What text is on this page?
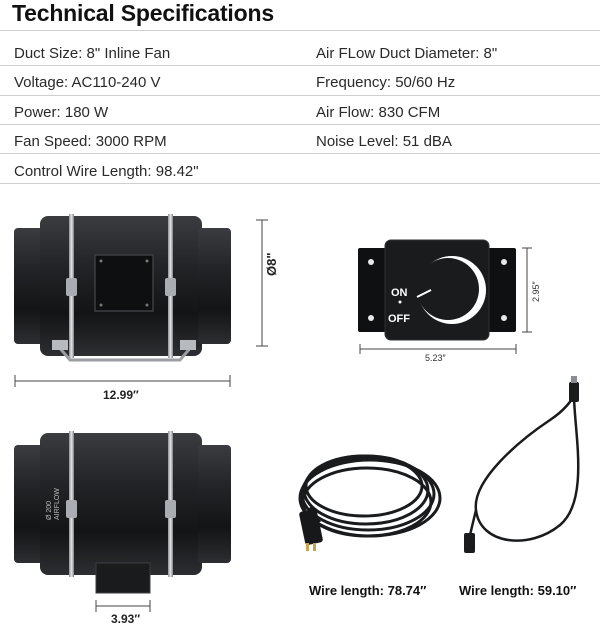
Technical Specifications
Duct Size: 8" Inline Fan	Air FLow Duct Diameter: 8"
Voltage: AC110-240 V	Frequency: 50/60 Hz
Power: 180 W	Air Flow: 830 CFM
Fan Speed: 3000 RPM	Noise Level: 51 dBA
Control Wire Length: 98.42"
Ø8"
12.99″
3.93″
Ø 200 AIRFLOW
ON
OFF
5.23″
2.95″
Wire length: 78.74″	Wire length: 59.10″
